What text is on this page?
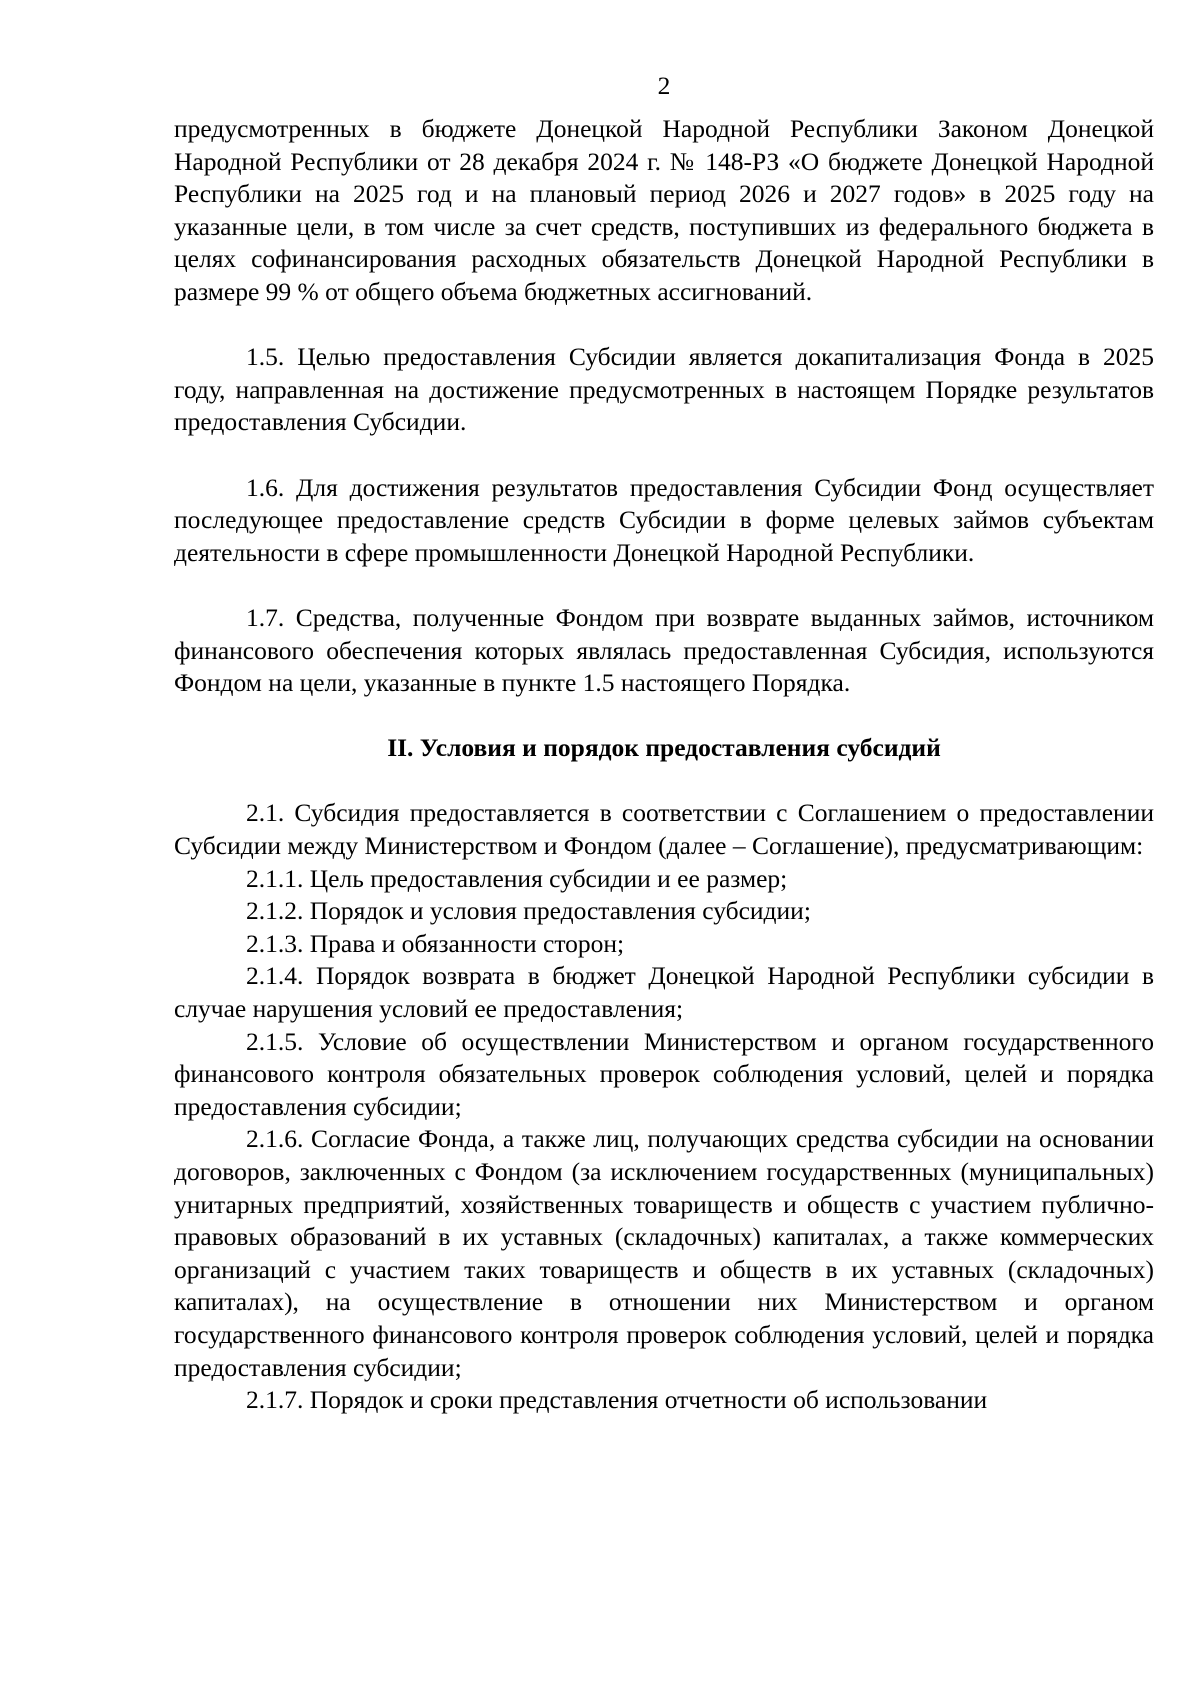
2

предусмотренных в бюджете Донецкой Народной Республики Законом Донецкой Народной Республики от 28 декабря 2024 г. № 148-РЗ «О бюджете Донецкой Народной Республики на 2025 год и на плановый период 2026 и 2027 годов» в 2025 году на указанные цели, в том числе за счет средств, поступивших из федерального бюджета в целях софинансирования расходных обязательств Донецкой Народной Республики в размере 99 % от общего объема бюджетных ассигнований.

1.5. Целью предоставления Субсидии является докапитализация Фонда в 2025 году, направленная на достижение предусмотренных в настоящем Порядке результатов предоставления Субсидии.

1.6. Для достижения результатов предоставления Субсидии Фонд осуществляет последующее предоставление средств Субсидии в форме целевых займов субъектам деятельности в сфере промышленности Донецкой Народной Республики.

1.7. Средства, полученные Фондом при возврате выданных займов, источником финансового обеспечения которых являлась предоставленная Субсидия, используются Фондом на цели, указанные в пункте 1.5 настоящего Порядка.

II. Условия и порядок предоставления субсидий

2.1. Субсидия предоставляется в соответствии с Соглашением о предоставлении Субсидии между Министерством и Фондом (далее – Соглашение), предусматривающим:

2.1.1. Цель предоставления субсидии и ее размер;

2.1.2. Порядок и условия предоставления субсидии;

2.1.3. Права и обязанности сторон;

2.1.4. Порядок возврата в бюджет Донецкой Народной Республики субсидии в случае нарушения условий ее предоставления;

2.1.5. Условие об осуществлении Министерством и органом государственного финансового контроля обязательных проверок соблюдения условий, целей и порядка предоставления субсидии;

2.1.6. Согласие Фонда, а также лиц, получающих средства субсидии на основании договоров, заключенных с Фондом (за исключением государственных (муниципальных) унитарных предприятий, хозяйственных товариществ и обществ с участием публично-правовых образований в их уставных (складочных) капиталах, а также коммерческих организаций с участием таких товариществ и обществ в их уставных (складочных) капиталах), на осуществление в отношении них Министерством и органом государственного финансового контроля проверок соблюдения условий, целей и порядка предоставления субсидии;

2.1.7. Порядок и сроки представления отчетности об использовании
